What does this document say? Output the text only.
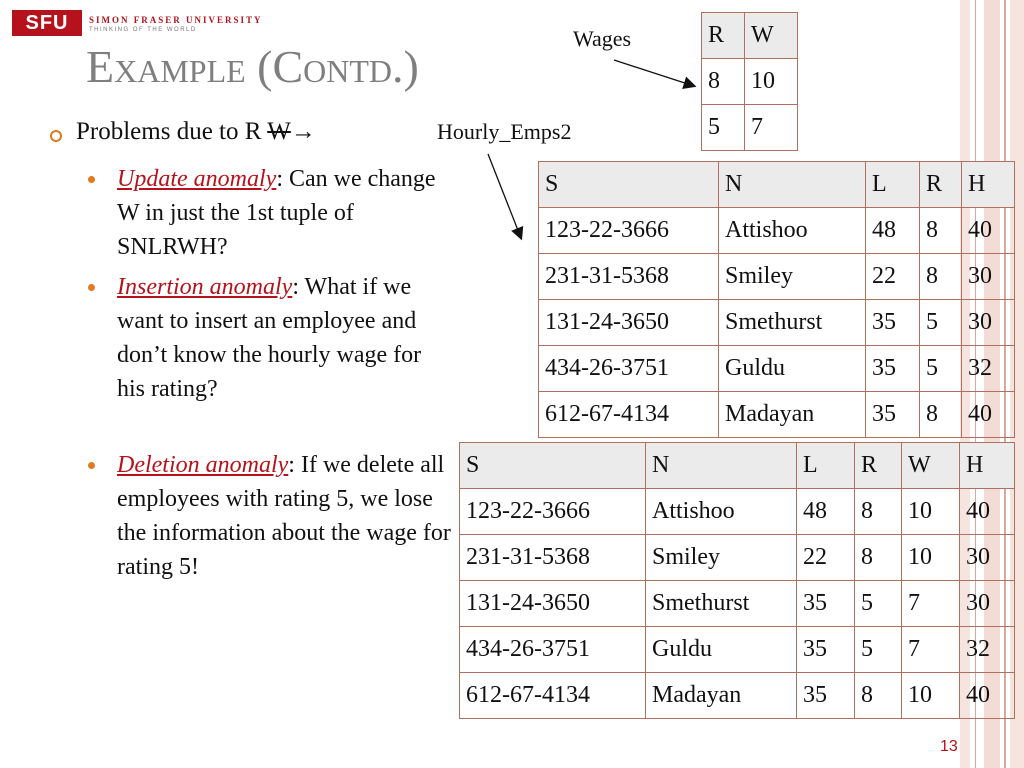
SFU	SIMON FRASER UNIVERSITY
THINKING OF THE WORLD
Example (Contd.)
Problems due to R W→
Update anomaly: Can we change W in just the 1st tuple of SNLRWH?
Insertion anomaly: What if we want to insert an employee and don’t know the hourly wage for his rating?
Deletion anomaly: If we delete all employees with rating 5, we lose the information about the wage for rating 5!
Wages
Hourly_Emps2
R	W
8	10
5	7
S	N	L	R	H
123-22-3666	Attishoo	48	8	40
231-31-5368	Smiley	22	8	30
131-24-3650	Smethurst	35	5	30
434-26-3751	Guldu	35	5	32
612-67-4134	Madayan	35	8	40
S	N	L	R	W	H
123-22-3666	Attishoo	48	8	10	40
231-31-5368	Smiley	22	8	10	30
131-24-3650	Smethurst	35	5	7	30
434-26-3751	Guldu	35	5	7	32
612-67-4134	Madayan	35	8	10	40
13
